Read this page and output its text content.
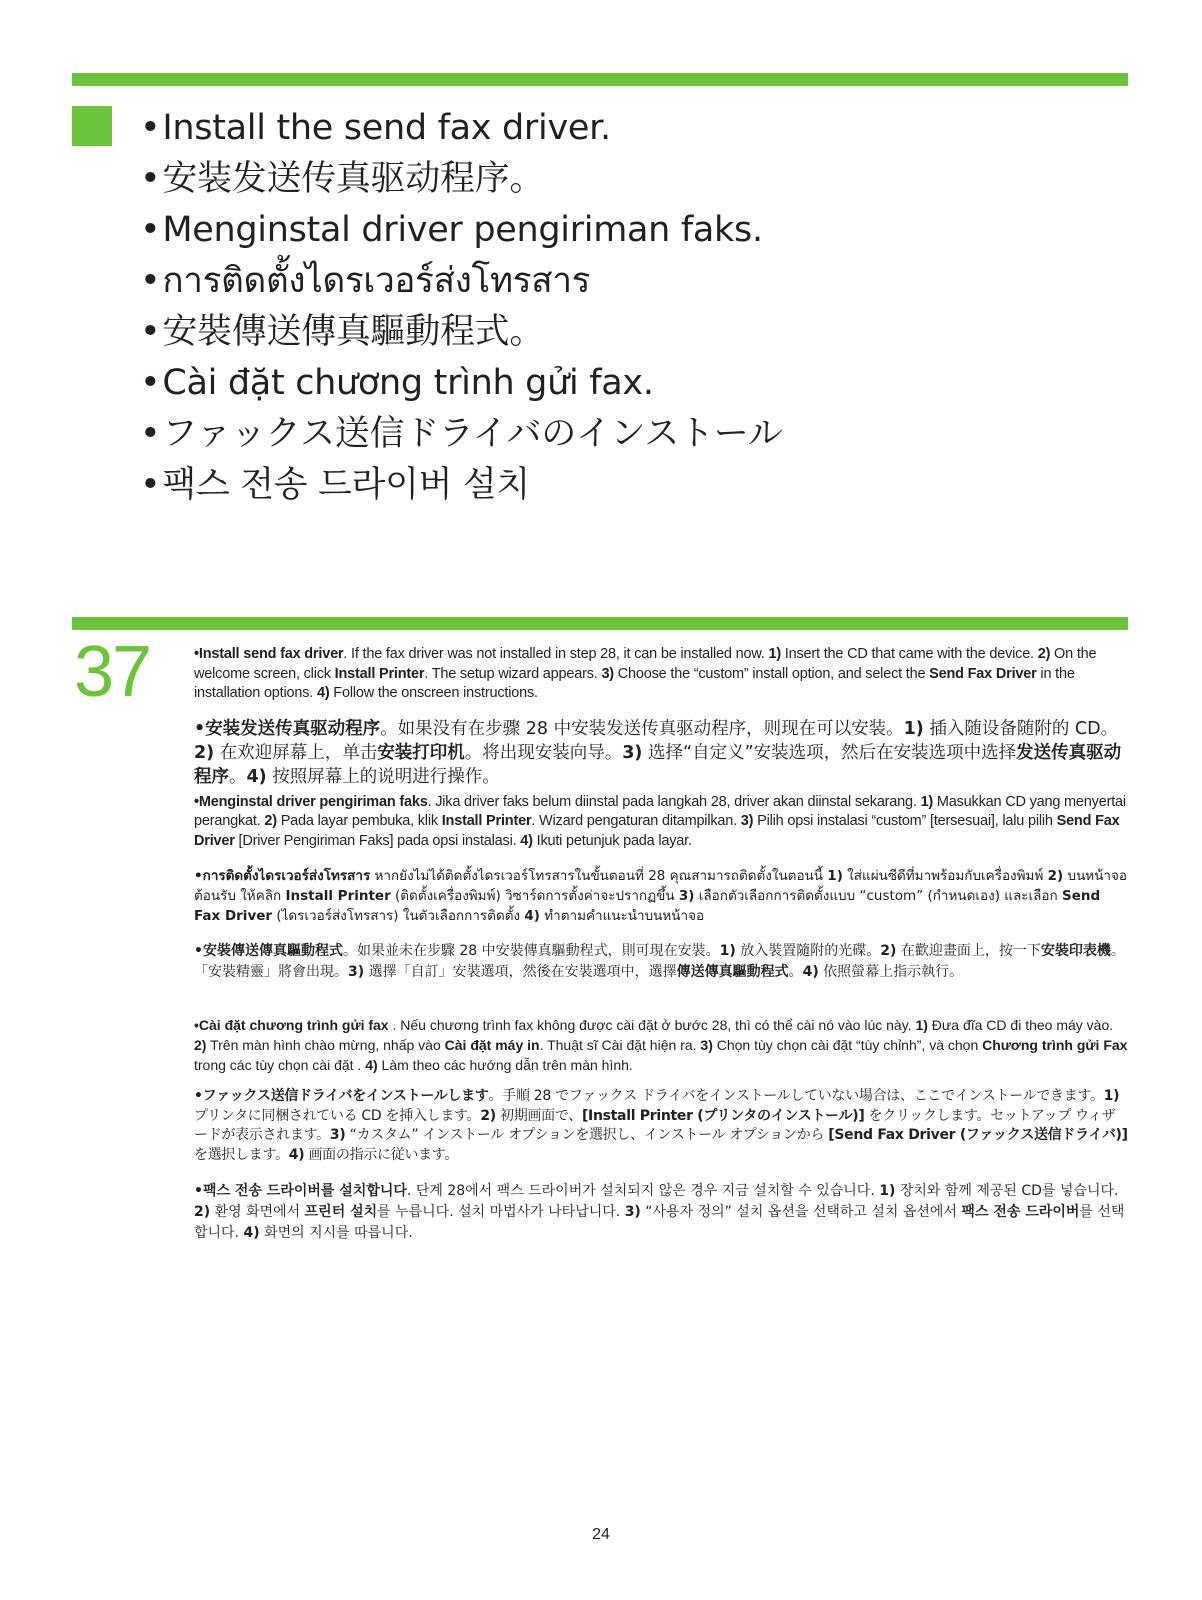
•Install the send fax driver.
•安装发送传真驱动程序。
•Menginstal driver pengiriman faks.
•การติดตั้งไดรเวอร์ส่งโทรสาร
•安裝傳送傳真驅動程式。
•Cài đặt chương trình gửi fax.
•ファックス送信ドライバのインストール
•팩스 전송 드라이버 설치
37	•Install send fax driver. If the fax driver was not installed in step 28, it can be installed now. 1) Insert the CD that came with the device. 2) On the welcome screen, click Install Printer. The setup wizard appears. 3) Choose the “custom” install option, and select the Send Fax Driver in the installation options. 4) Follow the onscreen instructions.

•安装发送传真驱动程序。如果没有在步骤 28 中安装发送传真驱动程序，则现在可以安装。1) 插入随设备随附的 CD。2) 在欢迎屏幕上，单击安装打印机。将出现安装向导。3) 选择“自定义”安装选项，然后在安装选项中选择发送传真驱动程序。4) 按照屏幕上的说明进行操作。

•Menginstal driver pengiriman faks. Jika driver faks belum diinstal pada langkah 28, driver akan diinstal sekarang. 1) Masukkan CD yang menyertai perangkat. 2) Pada layar pembuka, klik Install Printer. Wizard pengaturan ditampilkan. 3) Pilih opsi instalasi “custom” [tersesuai], lalu pilih Send Fax Driver [Driver Pengiriman Faks] pada opsi instalasi. 4) Ikuti petunjuk pada layar.

•การติดตั้งไดรเวอร์ส่งโทรสาร หากยังไม่ได้ติดตั้งไดรเวอร์โทรสารในขั้นตอนที่ 28 คุณสามารถติดตั้งในตอนนี้ 1) ใส่แผ่นซีดีที่มาพร้อมกับเครื่องพิมพ์ 2) บนหน้าจอต้อนรับ ให้คลิก Install Printer (ติดตั้งเครื่องพิมพ์) วิซาร์ดการตั้งค่าจะปรากฏขึ้น 3) เลือกตัวเลือกการติดตั้งแบบ “custom” (กำหนดเอง) และเลือก Send Fax Driver (ไดรเวอร์ส่งโทรสาร) ในตัวเลือกการติดตั้ง 4) ทำตามคำแนะนำบนหน้าจอ

•安裝傳送傳真驅動程式。如果並未在步驟 28 中安裝傳真驅動程式，則可現在安裝。1) 放入裝置隨附的光碟。2) 在歡迎畫面上，按一下安裝印表機。「安裝精靈」將會出現。3) 選擇「自訂」安裝選項，然後在安裝選項中，選擇傳送傳真驅動程式。4) 依照螢幕上指示執行。

•Cài đặt chương trình gửi fax . Nếu chương trình fax không được cài đặt ở bước 28, thì có thể cài nó vào lúc này. 1) Đưa đĩa CD đi theo máy vào. 2) Trên màn hình chào mừng, nhấp vào Cài đặt máy in. Thuật sĩ Cài đặt hiện ra. 3) Chọn tùy chọn cài đặt “tùy chỉnh”, và chọn Chương trình gửi Fax trong các tùy chọn cài đặt . 4) Làm theo các hướng dẫn trên màn hình.

•ファックス送信ドライバをインストールします。手順 28 でファックス ドライバをインストールしていない場合は、ここでインストールできます。1) プリンタに同梱されている CD を挿入します。2) 初期画面で、[Install Printer (プリンタのインストール)] をクリックします。セットアップ ウィザードが表示されます。3) “カスタム” インストール オプションを選択し、インストール オプションから [Send Fax Driver (ファックス送信ドライバ)] を選択します。4) 画面の指示に従います。

•팩스 전송 드라이버를 설치합니다. 단계 28에서 팩스 드라이버가 설치되지 않은 경우 지금 설치할 수 있습니다. 1) 장치와 함께 제공된 CD를 넣습니다. 2) 환영 화면에서 프린터 설치를 누릅니다. 설치 마법사가 나타납니다. 3) “사용자 정의” 설치 옵션을 선택하고 설치 옵션에서 팩스 전송 드라이버를 선택합니다. 4) 화면의 지시를 따릅니다.

24
